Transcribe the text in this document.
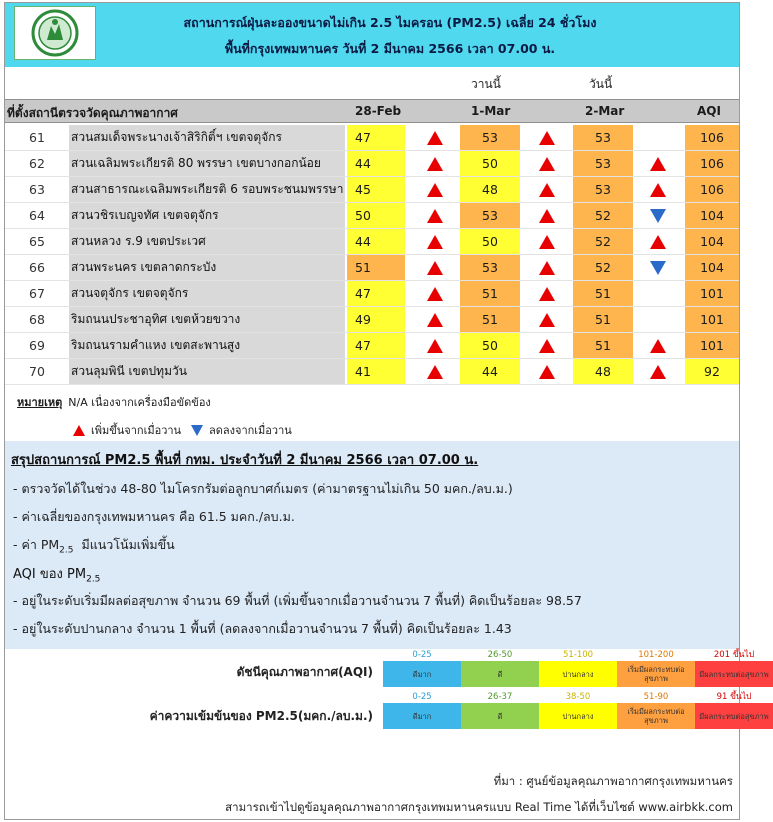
สถานการณ์ฝุ่นละอองขนาดไม่เกิน 2.5 ไมครอน (PM2.5) เฉลี่ย 24 ชั่วโมง
พื้นที่กรุงเทพมหานคร วันที่ 2 มีนาคม 2566 เวลา 07.00 น.
วานนี้	วันนี้
ที่ตั้งสถานีตรวจวัดคุณภาพอากาศ	28-Feb	1-Mar	2-Mar	AQI
61	สวนสมเด็จพระนางเจ้าสิริกิติ์ฯ เขตจตุจักร	47	53	53	106
62	สวนเฉลิมพระเกียรติ 80 พรรษา เขตบางกอกน้อย	44	50	53	106
63	สวนสาธารณะเฉลิมพระเกียรติ 6 รอบพระชนมพรรษา 45	48	53	106
64	สวนวชิรเบญจทัศ เขตจตุจักร	50	53	52	104
65	สวนหลวง ร.9 เขตประเวศ	44	50	52	104
66	สวนพระนคร เขตลาดกระบัง	51	53	52	104
67	สวนจตุจักร เขตจตุจักร	47	51	51	101
68	ริมถนนประชาอุทิศ เขตห้วยขวาง	49	51	51	101
69	ริมถนนรามคำแหง เขตสะพานสูง	47	50	51	101
70	สวนลุมพินี เขตปทุมวัน	41	44	48	92
หมายเหตุ N/A เนื่องจากเครื่องมือขัดข้อง
เพิ่มขึ้นจากเมื่อวาน	ลดลงจากเมื่อวาน
สรุปสถานการณ์ PM2.5 พื้นที่ กทม. ประจำวันที่ 2 มีนาคม 2566 เวลา 07.00 น.
- ตรวจวัดได้ในช่วง 48-80 ไมโครกรัมต่อลูกบาศก์เมตร (ค่ามาตรฐานไม่เกิน 50 มคก./ลบ.ม.)
- ค่าเฉลี่ยของกรุงเทพมหานคร คือ 61.5 มคก./ลบ.ม.
- ค่า $PM_{2.5}$ มีแนวโน้มเพิ่มขึ้น
AQI ของ $PM_{2.5}$
- อยู่ในระดับเริ่มมีผลต่อสุขภาพ จำนวน 69 พื้นที่ (เพิ่มขึ้นจากเมื่อวานจำนวน 7 พื้นที่) คิดเป็นร้อยละ 98.57
- อยู่ในระดับปานกลาง จำนวน 1 พื้นที่ (ลดลงจากเมื่อวานจำนวน 7 พื้นที่) คิดเป็นร้อยละ 1.43
ดัชนีคุณภาพอากาศ(AQI)
0-25
ดีมาก
26-50
ดี
51-100
ปานกลาง
101-200
เริ่มมีผลกระทบต่อสุขภาพ
201 ขึ้นไป
มีผลกระทบต่อสุขภาพ
ค่าความเข้มข้นของ PM2.5(มคก./ลบ.ม.)
0-25
ดีมาก
26-37
ดี
38-50
ปานกลาง
51-90
เริ่มมีผลกระทบต่อสุขภาพ
91 ขึ้นไป
มีผลกระทบต่อสุขภาพ
ที่มา : ศูนย์ข้อมูลคุณภาพอากาศกรุงเทพมหานคร
สามารถเข้าไปดูข้อมูลคุณภาพอากาศกรุงเทพมหานครแบบ Real Time ได้ที่เว็บไซต์ www.airbkk.com
